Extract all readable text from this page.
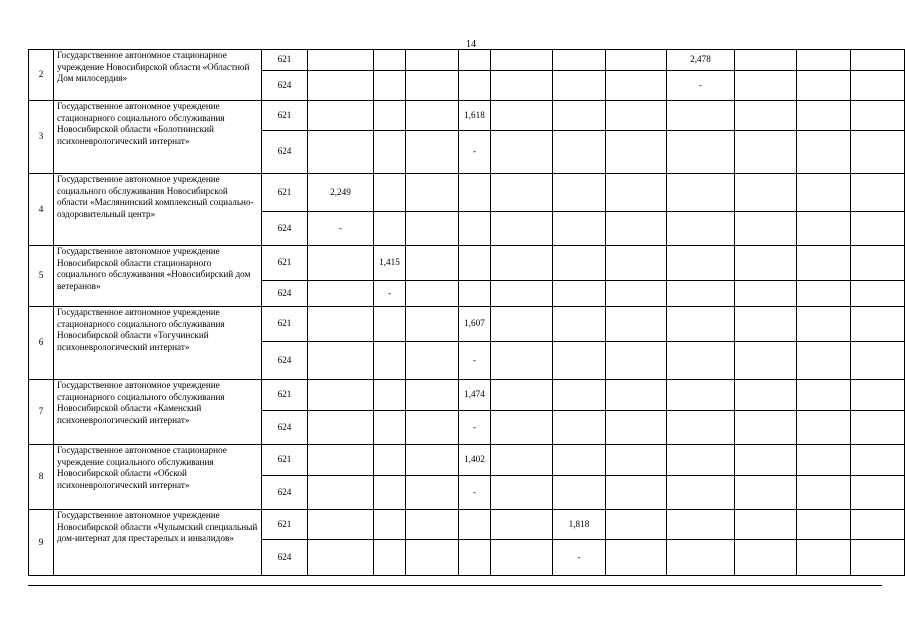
14
2	Государственное автономное стационарное учреждение Новосибирской области «Областной Дом милосердия»	621								2,478			
		624								-			
3	Государственное автономное учреждение стационарного социального обслуживания Новосибирской области «Болотнинский психоневрологический интернат»	621				1,618							
		624				-							
4	Государственное автономное учреждение социального обслуживания Новосибирской области «Маслянинский комплексный социально-оздоровительный центр»	621	2,249										
		624	-										
5	Государственное автономное учреждение Новосибирской области стационарного социального обслуживания «Новосибирский дом ветеранов»	621		1,415									
		624		-									
6	Государственное автономное учреждение стационарного социального обслуживания Новосибирской области «Тогучинский психоневрологический интернат»	621				1,607							
		624				-							
7	Государственное автономное учреждение стационарного социального обслуживания Новосибирской области «Каменский психоневрологический интернат»	621				1,474							
		624				-							
8	Государственное автономное стационарное учреждение социального обслуживания Новосибирской области «Обской психоневрологический интернат»	621				1,402							
		624				-							
9	Государственное автономное учреждение Новосибирской области «Чулымский специальный дом-интернат для престарелых и инвалидов»	621						1,818					
		624						-					
